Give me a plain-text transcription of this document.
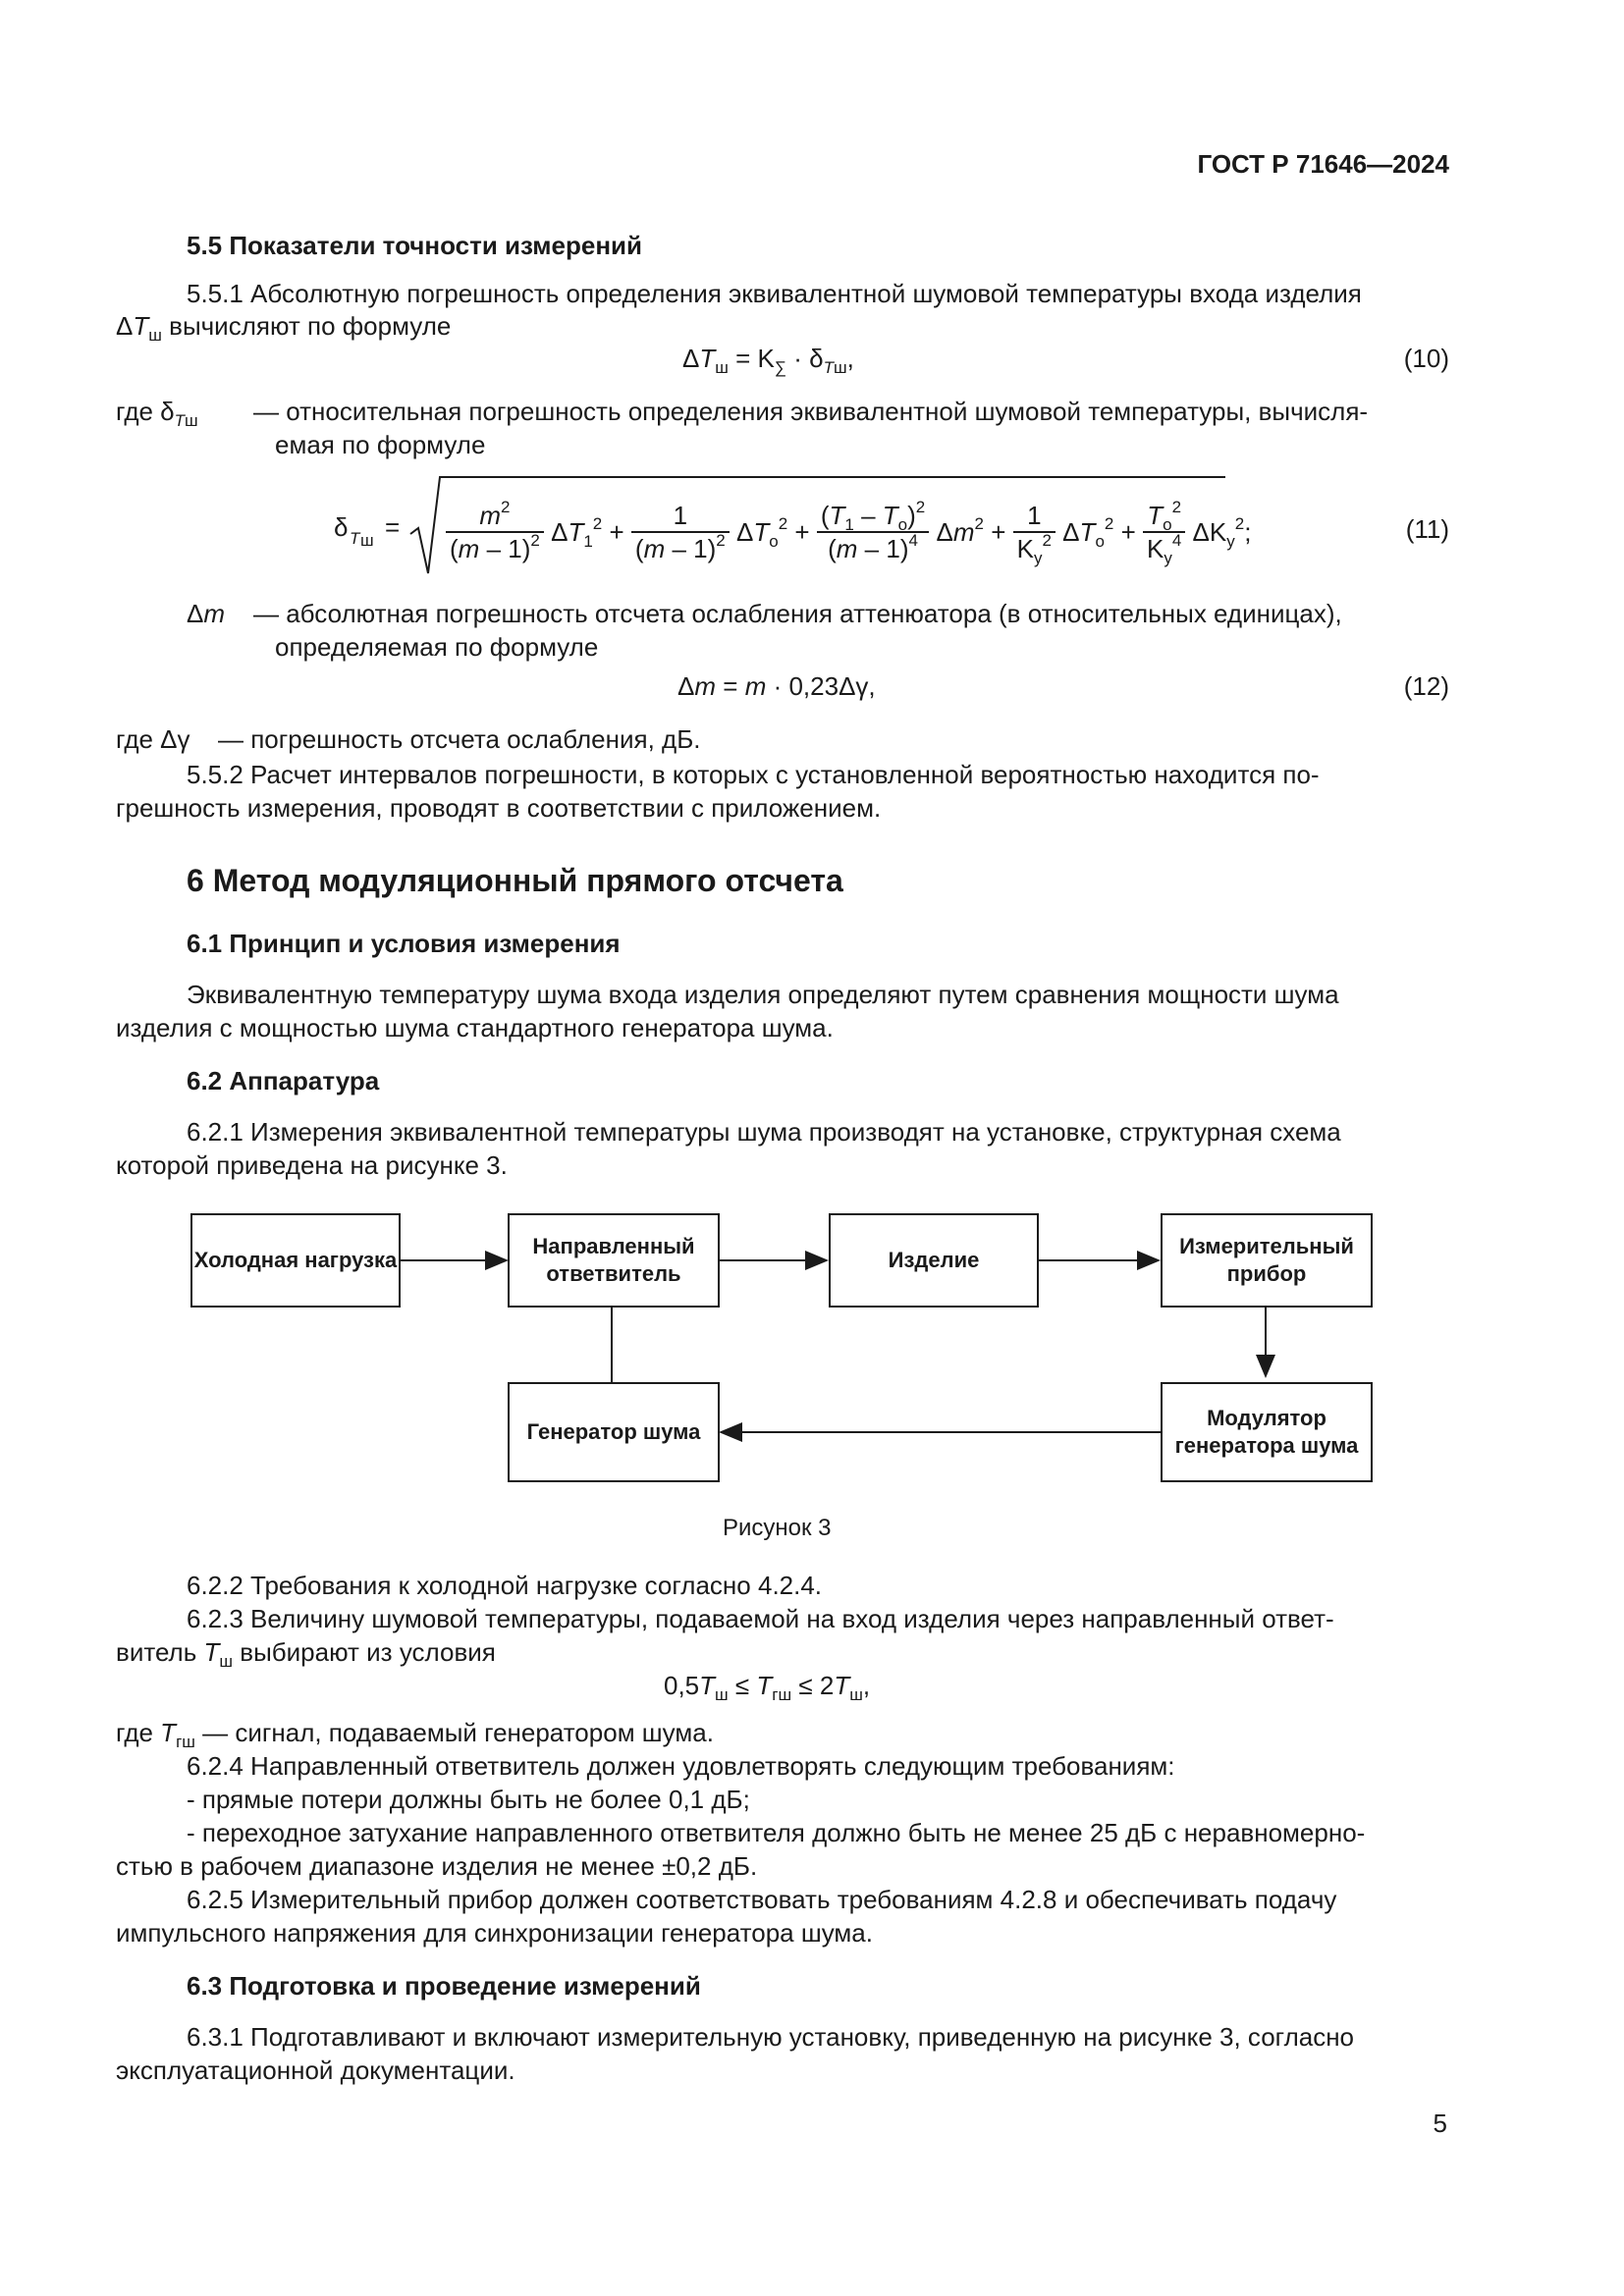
ГОСТ Р 71646—2024
5.5 Показатели точности измерений
5.5.1 Абсолютную погрешность определения эквивалентной шумовой температуры входа изделия
$\Delta T_ш$ вычисляют по формуле
$\Delta T_ш = K_\sum \cdot \delta_{Tш}$,	(10)
где $\delta_{Tш}$ — относительная погрешность определения эквивалентной шумовой температуры, вычисля-
емая по формуле
δ T $ш = \frac{m^2}{(m - 1)^2} \Delta T_1^2 + \frac{1}{(m - 1)^2} \Delta T_о^2 + \frac{(T_1 - T_о)^2}{(m - 1)^4} \Delta m^2 + \frac{1}{K_y^2} \Delta T_о^2 + \frac{T_о^2}{K_y^4} \Delta K_y^2$;	(11)
Δm — абсолютная погрешность отсчета ослабления аттенюатора (в относительных единицах),
определяемая по формуле
Δm = m · 0,23Δγ,	(12)
где Δγ — погрешность отсчета ослабления, дБ.
5.5.2 Расчет интервалов погрешности, в которых с установленной вероятностью находится по-
грешность измерения, проводят в соответствии с приложением.
6 Метод модуляционный прямого отсчета
6.1 Принцип и условия измерения
Эквивалентную температуру шума входа изделия определяют путем сравнения мощности шума
изделия с мощностью шума стандартного генератора шума.
6.2 Аппаратура
6.2.1 Измерения эквивалентной температуры шума производят на установке, структурная схема
которой приведена на рисунке 3.
Холодная нагрузка
Направленный ответвитель
Изделие
Измерительный прибор
Генератор шума
Модулятор генератора шума
Рисунок 3
6.2.2 Требования к холодной нагрузке согласно 4.2.4.
6.2.3 Величину шумовой температуры, подаваемой на вход изделия через направленный ответ-
витель $T_ш$ выбирают из условия
$0,5T_ш \le T_{гш} \le 2T_ш$,
где $T_{гш}$ — сигнал, подаваемый генератором шума.
6.2.4 Направленный ответвитель должен удовлетворять следующим требованиям:
- прямые потери должны быть не более 0,1 дБ;
- переходное затухание направленного ответвителя должно быть не менее 25 дБ с неравномерно-
стью в рабочем диапазоне изделия не менее ±0,2 дБ.
6.2.5 Измерительный прибор должен соответствовать требованиям 4.2.8 и обеспечивать подачу
импульсного напряжения для синхронизации генератора шума.
6.3 Подготовка и проведение измерений
6.3.1 Подготавливают и включают измерительную установку, приведенную на рисунке 3, согласно
эксплуатационной документации.
5
